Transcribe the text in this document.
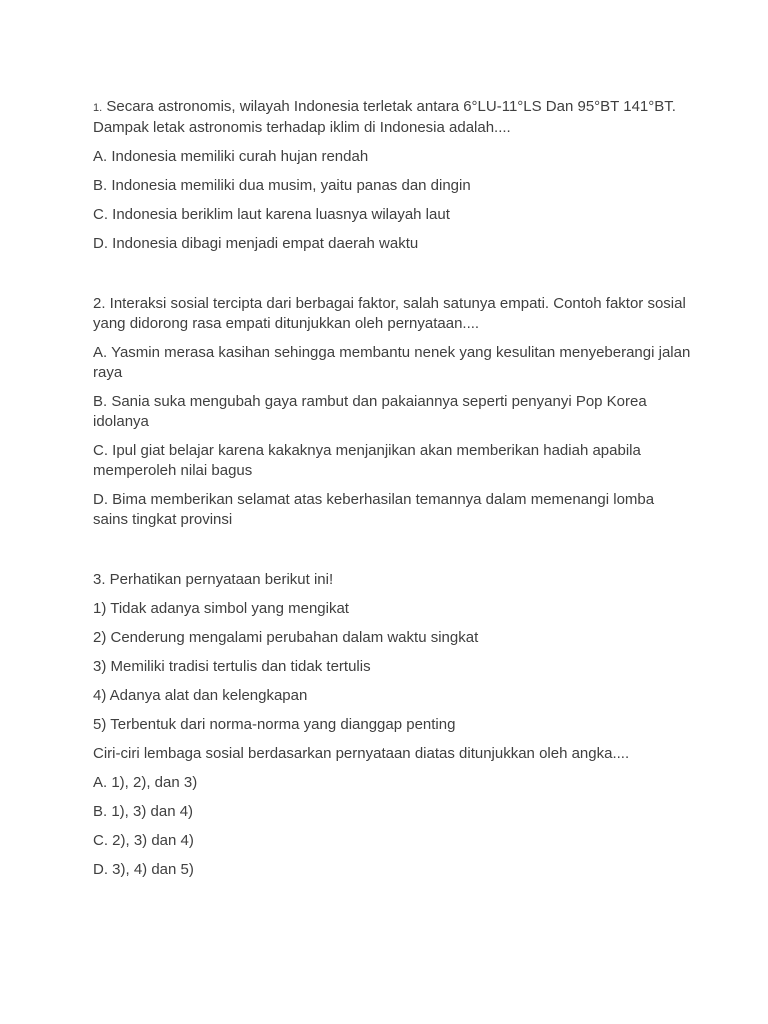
1. Secara astronomis, wilayah Indonesia terletak antara 6°LU-11°LS Dan 95°BT 141°BT. Dampak letak astronomis terhadap iklim di Indonesia adalah....

A. Indonesia memiliki curah hujan rendah

B. Indonesia memiliki dua musim, yaitu panas dan dingin

C. Indonesia beriklim laut karena luasnya wilayah laut

D. Indonesia dibagi menjadi empat daerah waktu

2. Interaksi sosial tercipta dari berbagai faktor, salah satunya empati. Contoh faktor sosial yang didorong rasa empati ditunjukkan oleh pernyataan....

A. Yasmin merasa kasihan sehingga membantu nenek yang kesulitan menyeberangi jalan raya

B. Sania suka mengubah gaya rambut dan pakaiannya seperti penyanyi Pop Korea idolanya

C. Ipul giat belajar karena kakaknya menjanjikan akan memberikan hadiah apabila memperoleh nilai bagus

D. Bima memberikan selamat atas keberhasilan temannya dalam memenangi lomba sains tingkat provinsi

3. Perhatikan pernyataan berikut ini!

1) Tidak adanya simbol yang mengikat

2) Cenderung mengalami perubahan dalam waktu singkat

3) Memiliki tradisi tertulis dan tidak tertulis

4) Adanya alat dan kelengkapan

5) Terbentuk dari norma-norma yang dianggap penting

Ciri-ciri lembaga sosial berdasarkan pernyataan diatas ditunjukkan oleh angka....

A. 1), 2), dan 3)

B. 1), 3) dan 4)

C. 2), 3) dan 4)

D. 3), 4) dan 5)
